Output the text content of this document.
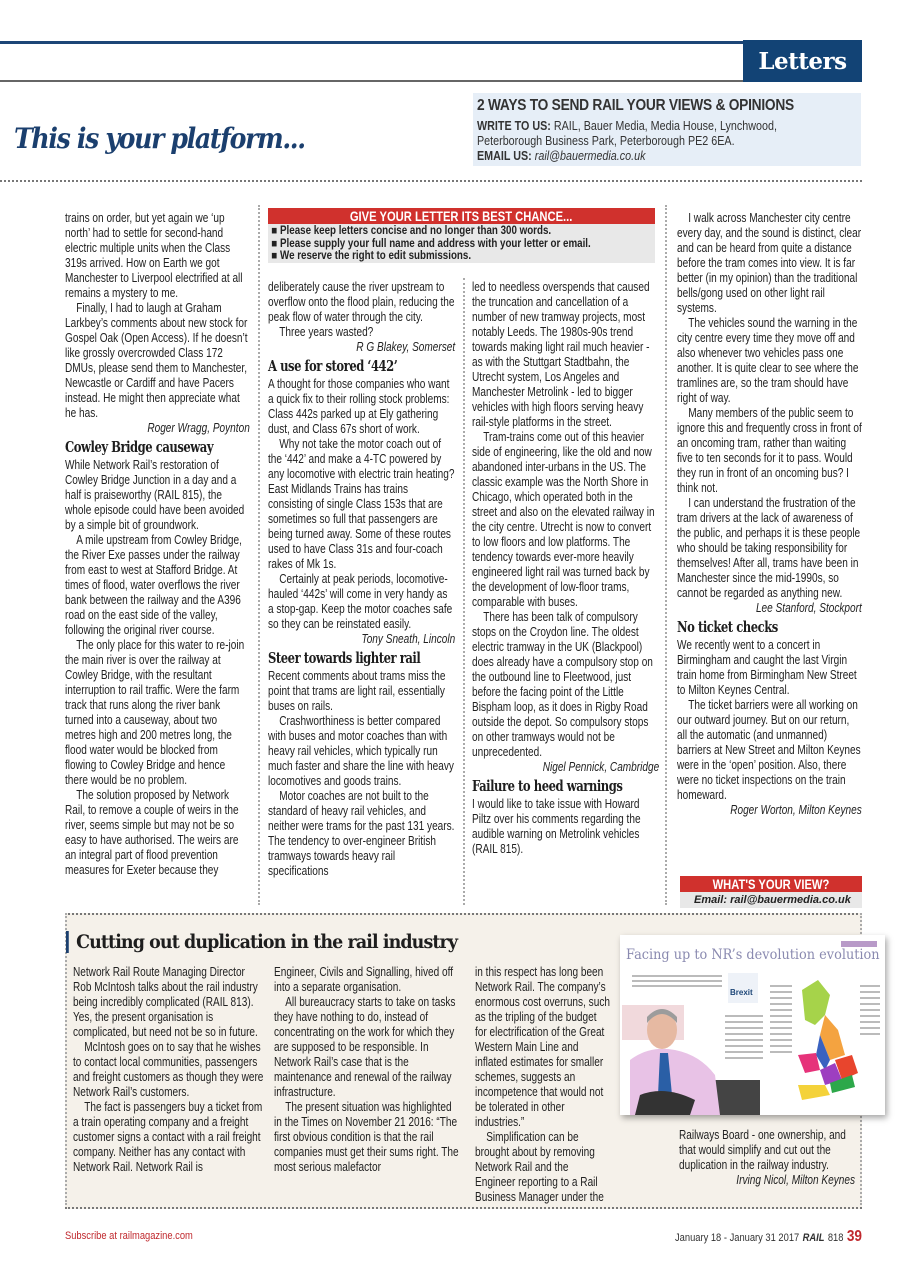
Letters
This is your platform...
2 WAYS TO SEND RAIL YOUR VIEWS & OPINIONS
WRITE TO US: RAIL, Bauer Media, Media House, Lynchwood,
Peterborough Business Park, Peterborough PE2 6EA.
EMAIL US: rail@bauermedia.co.uk
GIVE YOUR LETTER ITS BEST CHANCE...
■ Please keep letters concise and no longer than 300 words.
■ Please supply your full name and address with your letter or email.
■ We reserve the right to edit submissions.

trains on order, but yet again we ‘up north’ had to settle for second-hand electric multiple units when the Class 319s arrived. How on Earth we got Manchester to Liverpool electrified at all remains a mystery to me.

Finally, I had to laugh at Graham Larkbey’s comments about new stock for Gospel Oak (Open Access). If he doesn’t like grossly overcrowded Class 172 DMUs, please send them to Manchester, Newcastle or Cardiff and have Pacers instead. He might then appreciate what he has.

Roger Wragg, Poynton

Cowley Bridge causeway

While Network Rail’s restoration of Cowley Bridge Junction in a day and a half is praiseworthy (RAIL 815), the whole episode could have been avoided by a simple bit of groundwork.

A mile upstream from Cowley Bridge, the River Exe passes under the railway from east to west at Stafford Bridge. At times of flood, water overflows the river bank between the railway and the A396 road on the east side of the valley, following the original river course.

The only place for this water to re-join the main river is over the railway at Cowley Bridge, with the resultant interruption to rail traffic. Were the farm track that runs along the river bank turned into a causeway, about two metres high and 200 metres long, the flood water would be blocked from flowing to Cowley Bridge and hence there would be no problem.

The solution proposed by Network Rail, to remove a couple of weirs in the river, seems simple but may not be so easy to have authorised. The weirs are an integral part of flood prevention measures for Exeter because they

deliberately cause the river upstream to overflow onto the flood plain, reducing the peak flow of water through the city.

Three years wasted?

R G Blakey, Somerset

A use for stored ‘442’

A thought for those companies who want a quick fix to their rolling stock problems: Class 442s parked up at Ely gathering dust, and Class 67s short of work.

Why not take the motor coach out of the ‘442’ and make a 4-TC powered by any locomotive with electric train heating? East Midlands Trains has trains consisting of single Class 153s that are sometimes so full that passengers are being turned away. Some of these routes used to have Class 31s and four-coach rakes of Mk 1s.

Certainly at peak periods, locomotive-hauled ‘442s’ will come in very handy as a stop-gap. Keep the motor coaches safe so they can be reinstated easily.

Tony Sneath, Lincoln

Steer towards lighter rail

Recent comments about trams miss the point that trams are light rail, essentially buses on rails.

Crashworthiness is better compared with buses and motor coaches than with heavy rail vehicles, which typically run much faster and share the line with heavy locomotives and goods trains.

Motor coaches are not built to the standard of heavy rail vehicles, and neither were trams for the past 131 years. The tendency to over-engineer British tramways towards heavy rail specifications

led to needless overspends that caused the truncation and cancellation of a number of new tramway projects, most notably Leeds. The 1980s-90s trend towards making light rail much heavier - as with the Stuttgart Stadtbahn, the Utrecht system, Los Angeles and Manchester Metrolink - led to bigger vehicles with high floors serving heavy rail-style platforms in the street.

Tram-trains come out of this heavier side of engineering, like the old and now abandoned inter-urbans in the US. The classic example was the North Shore in Chicago, which operated both in the street and also on the elevated railway in the city centre. Utrecht is now to convert to low floors and low platforms. The tendency towards ever-more heavily engineered light rail was turned back by the development of low-floor trams, comparable with buses.

There has been talk of compulsory stops on the Croydon line. The oldest electric tramway in the UK (Blackpool) does already have a compulsory stop on the outbound line to Fleetwood, just before the facing point of the Little Bispham loop, as it does in Rigby Road outside the depot. So compulsory stops on other tramways would not be unprecedented.

Nigel Pennick, Cambridge

Failure to heed warnings

I would like to take issue with Howard Piltz over his comments regarding the audible warning on Metrolink vehicles (RAIL 815).

I walk across Manchester city centre every day, and the sound is distinct, clear and can be heard from quite a distance before the tram comes into view. It is far better (in my opinion) than the traditional bells/gong used on other light rail systems.

The vehicles sound the warning in the city centre every time they move off and also whenever two vehicles pass one another. It is quite clear to see where the tramlines are, so the tram should have right of way.

Many members of the public seem to ignore this and frequently cross in front of an oncoming tram, rather than waiting five to ten seconds for it to pass. Would they run in front of an oncoming bus? I think not.

I can understand the frustration of the tram drivers at the lack of awareness of the public, and perhaps it is these people who should be taking responsibility for themselves! After all, trams have been in Manchester since the mid-1990s, so cannot be regarded as anything new.

Lee Stanford, Stockport

No ticket checks

We recently went to a concert in Birmingham and caught the last Virgin train home from Birmingham New Street to Milton Keynes Central.

The ticket barriers were all working on our outward journey. But on our return, all the automatic (and unmanned) barriers at New Street and Milton Keynes were in the ‘open’ position. Also, there were no ticket inspections on the train homeward.

Roger Worton, Milton Keynes

WHAT'S YOUR VIEW?
Email: rail@bauermedia.co.uk
Cutting out duplication in the rail industry

Network Rail Route Managing Director Rob McIntosh talks about the rail industry being incredibly complicated (RAIL 813). Yes, the present organisation is complicated, but need not be so in future.

McIntosh goes on to say that he wishes to contact local communities, passengers and freight customers as though they were Network Rail’s customers.

The fact is passengers buy a ticket from a train operating company and a freight customer signs a contact with a rail freight company. Neither has any contact with Network Rail. Network Rail is

Engineer, Civils and Signalling, hived off into a separate organisation.

All bureaucracy starts to take on tasks they have nothing to do, instead of concentrating on the work for which they are supposed to be responsible. In Network Rail’s case that is the maintenance and renewal of the railway infrastructure.

The present situation was highlighted in the Times on November 21 2016: “The first obvious condition is that the rail companies must get their sums right. The most serious malefactor

in this respect has long been Network Rail. The company’s enormous cost overruns, such as the tripling of the budget for electrification of the Great Western Main Line and inflated estimates for smaller schemes, suggests an incompetence that would not be tolerated in other industries.”

Simplification can be brought about by removing Network Rail and the Engineer reporting to a Rail Business Manager under the

Railways Board - one ownership, and that would simplify and cut out the duplication in the railway industry.

Irving Nicol, Milton Keynes

Facing up to NR’s devolution evolution
Brexit
Subscribe at railmagazine.com	January 18 - January 31 2017 RAIL 818 39
